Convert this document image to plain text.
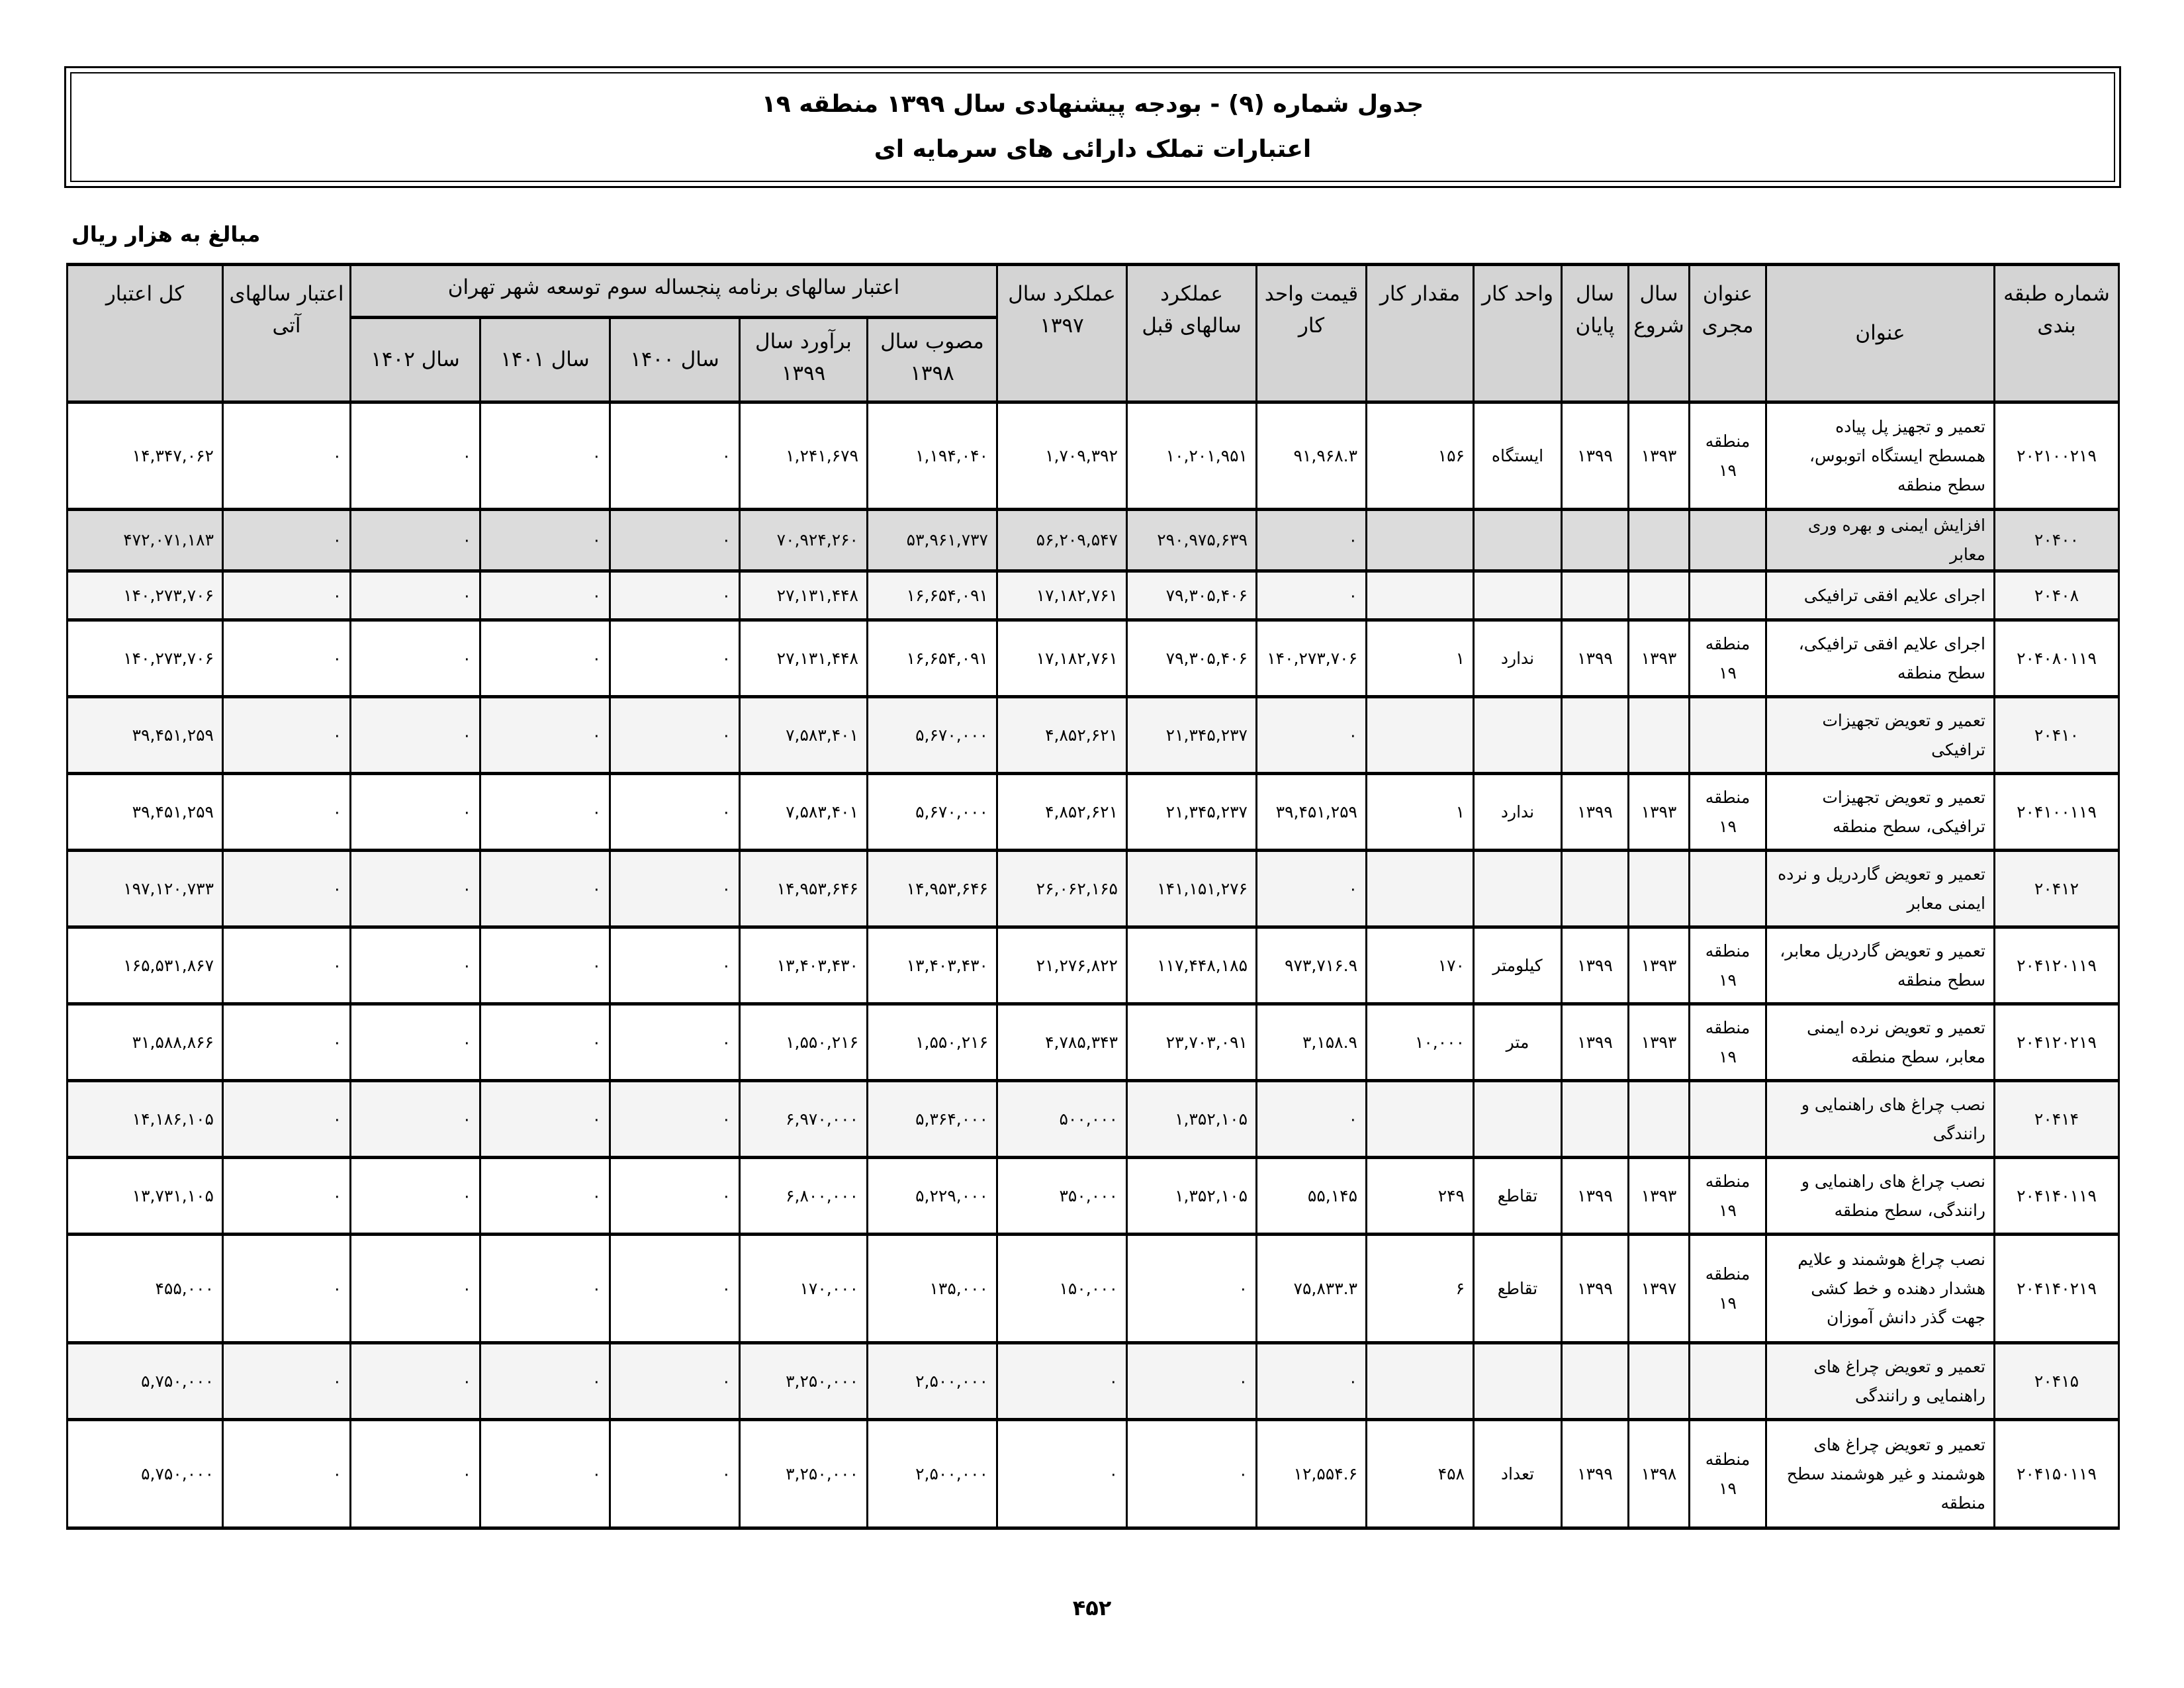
جدول شماره (۹) - بودجه پیشنهادی سال ۱۳۹۹ منطقه ۱۹
اعتبارات تملک دارائی های سرمایه ای
مبالغ به هزار ریال
شماره طبقه بندی	عنوان	عنوان مجری	سال شروع	سال پایان	واحد کار	مقدار کار	قیمت واحد کار	عملکرد سالهای قبل	عملکرد سال ۱۳۹۷	اعتبار سالهای برنامه پنجساله سوم توسعه شهر تهران					اعتبار سالهای آتی	کل اعتبار
										مصوب سال ۱۳۹۸	برآورد سال ۱۳۹۹	سال ۱۴۰۰	سال ۱۴۰۱	سال ۱۴۰۲		
۲۰۲۱۰۰۲۱۹	تعمیر و تجهیز پل پیاده همسطح ایستگاه اتوبوس، سطح منطقه	منطقه ۱۹	۱۳۹۳	۱۳۹۹	ایستگاه	۱۵۶	۹۱,۹۶۸.۳	۱۰,۲۰۱,۹۵۱	۱,۷۰۹,۳۹۲	۱,۱۹۴,۰۴۰	۱,۲۴۱,۶۷۹	۰	۰	۰	۰	۱۴,۳۴۷,۰۶۲
۲۰۴۰۰	افزایش ایمنی و بهره وری معابر						۰	۲۹۰,۹۷۵,۶۳۹	۵۶,۲۰۹,۵۴۷	۵۳,۹۶۱,۷۳۷	۷۰,۹۲۴,۲۶۰	۰	۰	۰	۰	۴۷۲,۰۷۱,۱۸۳
۲۰۴۰۸	اجرای علایم افقی ترافیکی						۰	۷۹,۳۰۵,۴۰۶	۱۷,۱۸۲,۷۶۱	۱۶,۶۵۴,۰۹۱	۲۷,۱۳۱,۴۴۸	۰	۰	۰	۰	۱۴۰,۲۷۳,۷۰۶
۲۰۴۰۸۰۱۱۹	اجرای علایم افقی ترافیکی، سطح منطقه	منطقه ۱۹	۱۳۹۳	۱۳۹۹	ندارد	۱	۱۴۰,۲۷۳,۷۰۶	۷۹,۳۰۵,۴۰۶	۱۷,۱۸۲,۷۶۱	۱۶,۶۵۴,۰۹۱	۲۷,۱۳۱,۴۴۸	۰	۰	۰	۰	۱۴۰,۲۷۳,۷۰۶
۲۰۴۱۰	تعمیر و تعویض تجهیزات ترافیکی						۰	۲۱,۳۴۵,۲۳۷	۴,۸۵۲,۶۲۱	۵,۶۷۰,۰۰۰	۷,۵۸۳,۴۰۱	۰	۰	۰	۰	۳۹,۴۵۱,۲۵۹
۲۰۴۱۰۰۱۱۹	تعمیر و تعویض تجهیزات ترافیکی، سطح منطقه	منطقه ۱۹	۱۳۹۳	۱۳۹۹	ندارد	۱	۳۹,۴۵۱,۲۵۹	۲۱,۳۴۵,۲۳۷	۴,۸۵۲,۶۲۱	۵,۶۷۰,۰۰۰	۷,۵۸۳,۴۰۱	۰	۰	۰	۰	۳۹,۴۵۱,۲۵۹
۲۰۴۱۲	تعمیر و تعویض گاردریل و نرده ایمنی معابر						۰	۱۴۱,۱۵۱,۲۷۶	۲۶,۰۶۲,۱۶۵	۱۴,۹۵۳,۶۴۶	۱۴,۹۵۳,۶۴۶	۰	۰	۰	۰	۱۹۷,۱۲۰,۷۳۳
۲۰۴۱۲۰۱۱۹	تعمیر و تعویض گاردریل معابر، سطح منطقه	منطقه ۱۹	۱۳۹۳	۱۳۹۹	کیلومتر	۱۷۰	۹۷۳,۷۱۶.۹	۱۱۷,۴۴۸,۱۸۵	۲۱,۲۷۶,۸۲۲	۱۳,۴۰۳,۴۳۰	۱۳,۴۰۳,۴۳۰	۰	۰	۰	۰	۱۶۵,۵۳۱,۸۶۷
۲۰۴۱۲۰۲۱۹	تعمیر و تعویض نرده ایمنی معابر، سطح منطقه	منطقه ۱۹	۱۳۹۳	۱۳۹۹	متر	۱۰,۰۰۰	۳,۱۵۸.۹	۲۳,۷۰۳,۰۹۱	۴,۷۸۵,۳۴۳	۱,۵۵۰,۲۱۶	۱,۵۵۰,۲۱۶	۰	۰	۰	۰	۳۱,۵۸۸,۸۶۶
۲۰۴۱۴	نصب چراغ های راهنمایی و رانندگی						۰	۱,۳۵۲,۱۰۵	۵۰۰,۰۰۰	۵,۳۶۴,۰۰۰	۶,۹۷۰,۰۰۰	۰	۰	۰	۰	۱۴,۱۸۶,۱۰۵
۲۰۴۱۴۰۱۱۹	نصب چراغ های راهنمایی و رانندگی، سطح منطقه	منطقه ۱۹	۱۳۹۳	۱۳۹۹	تقاطع	۲۴۹	۵۵,۱۴۵	۱,۳۵۲,۱۰۵	۳۵۰,۰۰۰	۵,۲۲۹,۰۰۰	۶,۸۰۰,۰۰۰	۰	۰	۰	۰	۱۳,۷۳۱,۱۰۵
۲۰۴۱۴۰۲۱۹	نصب چراغ هوشمند و علایم هشدار دهنده و خط کشی جهت گذر دانش آموزان	منطقه ۱۹	۱۳۹۷	۱۳۹۹	تقاطع	۶	۷۵,۸۳۳.۳	۰	۱۵۰,۰۰۰	۱۳۵,۰۰۰	۱۷۰,۰۰۰	۰	۰	۰	۰	۴۵۵,۰۰۰
۲۰۴۱۵	تعمیر و تعویض چراغ های راهنمایی و رانندگی						۰	۰	۰	۲,۵۰۰,۰۰۰	۳,۲۵۰,۰۰۰	۰	۰	۰	۰	۵,۷۵۰,۰۰۰
۲۰۴۱۵۰۱۱۹	تعمیر و تعویض چراغ های هوشمند و غیر هوشمند سطح منطقه	منطقه ۱۹	۱۳۹۸	۱۳۹۹	تعداد	۴۵۸	۱۲,۵۵۴.۶	۰	۰	۲,۵۰۰,۰۰۰	۳,۲۵۰,۰۰۰	۰	۰	۰	۰	۵,۷۵۰,۰۰۰
۴۵۲
